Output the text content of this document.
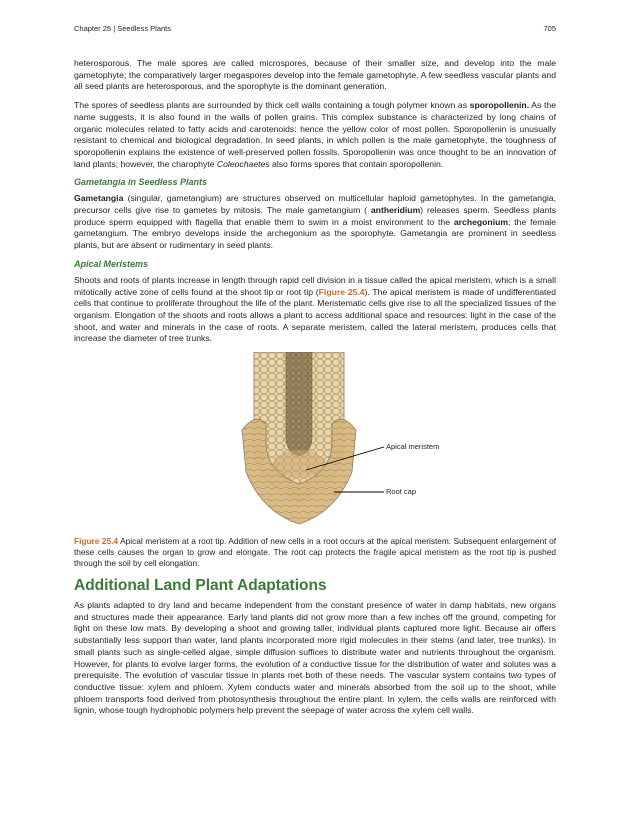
Chapter 25 | Seedless Plants	705

heterosporous. The male spores are called microspores, because of their smaller size, and develop into the male gametophyte; the comparatively larger megaspores develop into the female gametophyte. A few seedless vascular plants and all seed plants are heterosporous, and the sporophyte is the dominant generation.

The spores of seedless plants are surrounded by thick cell walls containing a tough polymer known as sporopollenin. As the name suggests, it is also found in the walls of pollen grains. This complex substance is characterized by long chains of organic molecules related to fatty acids and carotenoids: hence the yellow color of most pollen. Sporopollenin is unusually resistant to chemical and biological degradation. In seed plants, in which pollen is the male gametophyte, the toughness of sporopollenin explains the existence of well-preserved pollen fossils. Sporopollenin was once thought to be an innovation of land plants; however, the charophyte Coleochaetes also forms spores that contain sporopollenin.

Gametangia in Seedless Plants

Gametangia (singular, gametangium) are structures observed on multicellular haploid gametophytes. In the gametangia, precursor cells give rise to gametes by mitosis. The male gametangium ( antheridium) releases sperm. Seedless plants produce sperm equipped with flagella that enable them to swim in a moist environment to the archegonium; the female gametangium. The embryo develops inside the archegonium as the sporophyte. Gametangia are prominent in seedless plants, but are absent or rudimentary in seed plants.

Apical Meristems

Shoots and roots of plants increase in length through rapid cell division in a tissue called the apical meristem, which is a small mitotically active zone of cells found at the shoot tip or root tip (Figure 25.4). The apical meristem is made of undifferentiated cells that continue to proliferate throughout the life of the plant. Meristematic cells give rise to all the specialized tissues of the organism. Elongation of the shoots and roots allows a plant to access additional space and resources: light in the case of the shoot, and water and minerals in the case of roots. A separate meristem, called the lateral meristem, produces cells that increase the diameter of tree trunks.

Apical meristem
Root cap

Figure 25.4 Apical meristem at a root tip. Addition of new cells in a root occurs at the apical meristem. Subsequent enlargement of these cells causes the organ to grow and elongate. The root cap protects the fragile apical meristem as the root tip is pushed through the soil by cell elongation.

Additional Land Plant Adaptations

As plants adapted to dry land and became independent from the constant presence of water in damp habitats, new organs and structures made their appearance. Early land plants did not grow more than a few inches off the ground, competing for light on these low mats. By developing a shoot and growing taller, individual plants captured more light. Because air offers substantially less support than water, land plants incorporated more rigid molecules in their stems (and later, tree trunks). In small plants such as single-celled algae, simple diffusion suffices to distribute water and nutrients throughout the organism. However, for plants to evolve larger forms, the evolution of a conductive tissue for the distribution of water and solutes was a prerequisite. The evolution of vascular tissue in plants met both of these needs. The vascular system contains two types of conductive tissue: xylem and phloem. Xylem conducts water and minerals absorbed from the soil up to the shoot, while phloem transports food derived from photosynthesis throughout the entire plant. In xylem, the cells walls are reinforced with lignin, whose tough hydrophobic polymers help prevent the seepage of water across the xylem cell walls.
